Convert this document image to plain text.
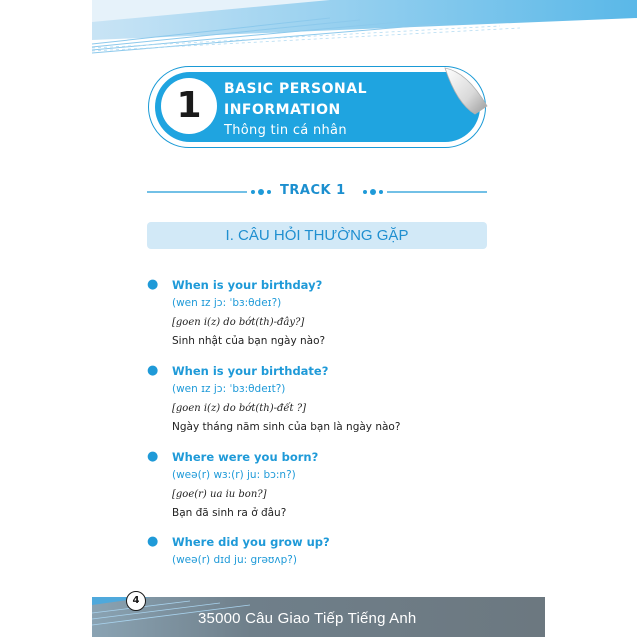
1	BASIC PERSONAL
INFORMATION
Thông tin cá nhân
TRACK 1
I. CÂU HỎI THƯỜNG GẶP
● When is your birthday?
(wen ɪz jɔ: ˈbɜ:θdeɪ?)
[goen i(z) do bớt(th)-đây?]
Sinh nhật của bạn ngày nào?
● When is your birthdate?
(wen ɪz jɔ: ˈbɜ:θdeɪt?)
[goen i(z) do bớt(th)-đết ?]
Ngày tháng năm sinh của bạn là ngày nào?
● Where were you born?
(weə(r) wɜ:(r) ju: bɔ:n?)
[goe(r) ua iu bon?]
Bạn đã sinh ra ở đâu?
● Where did you grow up?
(weə(r) dɪd ju: grəʊʌp?)
4
35000 Câu Giao Tiếp Tiếng Anh
